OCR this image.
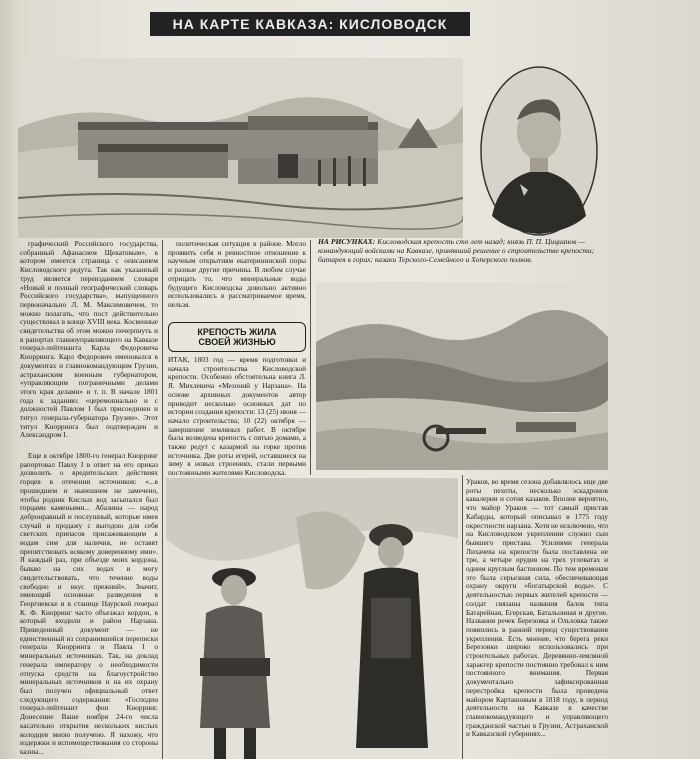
НА КАРТЕ КАВКАЗА: КИСЛОВОДСК
НА РИСУНКАХ: Кисловодская крепость сто лет назад; князь П. П. Цицианов — командующий войсками на Кавказе, принявший решение о строительстве крепости; батарея в горах; казаки Терского-Семейного и Хоперского полков.

графический Российского государства, собранный Афанасием Щекатовым», в котором имеется страница с описанием Кисловодского редута. Так как указанный труд является переизданием словаря «Новый и полный географический словарь Российского государства», выпущенного первоначально Л. М. Максимовичем, то можно полагать, что пост действительно существовал в конце XVIII века. Косвенные свидетельства об этом можно почерпнуть и в рапортах главноуправляющего на Кавказе генерал-лейтенанта Карла Федоровича Кнорринга. Карл Федорович именовался в документах и главнокомандующим Грузии, астраханским военным губернатором, «управляющим пограничными делами этого края делами» и т. п. В начале 1801 года к заданию: «церемониально и с должностей Павлом I был присоединен и титул генерала-губернатора Грузии». Этот титул Кнорринга был подтвержден и Александром I.

Еще в октябре 1800-го генерал Кнорринг рапортовал Павлу I в ответ на его приказ дозволить о вредительских действиях горцев в отечении источников: «...в прошедшем и нынешнем не замечено, чтобы родник Кислых вод засыпался был горцами каменьями... Абазины — народ добронравный и послушный, которые имея случай и продажу с выгодою для себя светских припасов присаживающим к водам сим для наличия, не оставят препятствовать всякому доверенному ими». Я каждый раз, при объезде моих кордона, бываю на сих водах и могу свидетельствовать, что течение воды свободно и вкус прежний». Значит, имеющий основные разведения в Георгиевске и в станице Наурской генерал К. Ф. Кнорринг часто объезжал кордон, в который входили и район Нарзана. Приведенный документ — не единственный из сохранившейся переписки генерала Кнорринга и Павла I о минеральных источниках. Так, на доклад генерала императору о необходимости отпуска средств на благоустройство минеральных источников и на их охрану был получен официальный ответ следующего содержания: «Господин генерал-лейтенант фон Кнорринг. Донесение Ваше ноября 24-го числа касательно открытия нескольких кислых колодцев мною получено. Я нахожу, что издержки и вспомоществования со стороны казны...

политическая ситуация в районе. Могло проявить себя и ревностное отношение к научным открытиям екатерининской поры и разные другие причины. В любом случае отрицать то, что минеральные воды будущего Кисловодска довольно активно использовались в рассматриваемое время, нельзя.

КРЕПОСТЬ ЖИЛА
СВОЕЙ ЖИЗНЬЮ

ИТАК, 1803 год — время подготовки и начала строительства Кисловодской крепости. Особенно обстоятельна книга Л. Я. Михлевича «Мезоний у Нарзана». На основе архивных документов автор приводит несколько основных дат по истории создания крепости: 13 (25) июня — начало строительства; 10 (22) октября — завершение земляных работ. В октябре была возведена крепость с пятью домами, а также редут с казармой на горке против источника. Две роты егерей, оставшиеся на зиму в новых строениях, стали первыми постоянными жителями Кисловодска.

Ураков, во время сезона добавлялось еще две роты пехоты, несколько эскадронов кавалерии и сотня казаков. Вполне вероятно, что майор Ураков — тот самый пристав Кабарды, который описывал в 1775 году окрестности нарзана. Хотя не исключено, что на Кисловодском укреплении служил сын бывшего пристава. Усилиями генерала Лихачева на крепости была поставлена не три, а четыре орудия на трех угловатах и одним круглым бастионом. По тем временам это была серьезная сила, обеспечивающая охрану округи «богатырской воды». С деятельностью первых жителей крепости — солдат связаны названия балок типа Батарейная, Егерская, Батальонная и другие. Названия речек Березовка и Ольховка также появились в ранний период существования укрепления. Есть мнение, что берега реки Березовки широко использовались при строительных работах. Деревянно-земляной характер крепости постоянно требовал к ним постоянного внимания. Первая документально зафиксированная перестройка крепости была проведена майором Карташовым в 1818 году, в период деятельности на Кавказе в качестве главнокомандующего и управляющего гражданской частью в Грузии, Астраханской и Кавказской губерниях...
